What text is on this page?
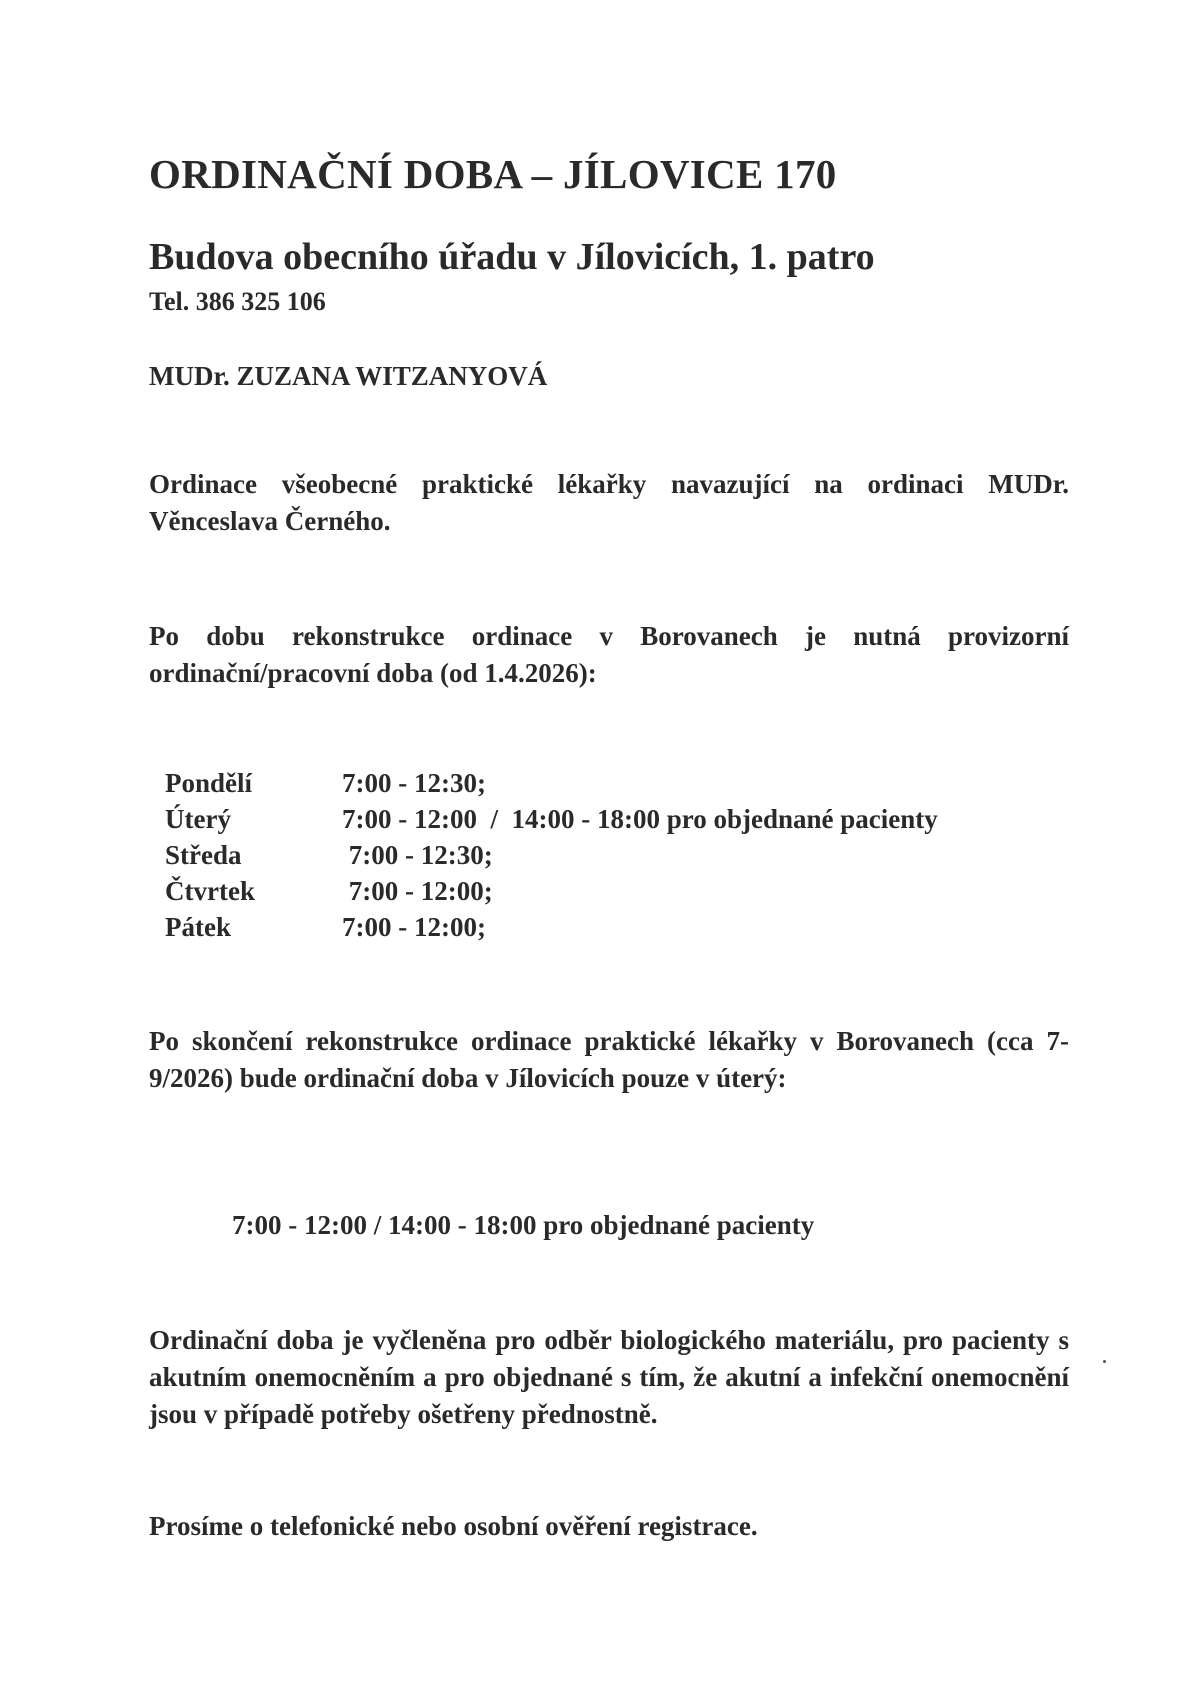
ORDINAČNÍ DOBA – JÍLOVICE 170
Budova obecního úřadu v Jílovicích, 1. patro
Tel. 386 325 106
MUDr. ZUZANA WITZANYOVÁ

Ordinace všeobecné praktické lékařky navazující na ordinaci MUDr. Věnceslava Černého.

Po dobu rekonstrukce ordinace v Borovanech je nutná provizorní ordinační/pracovní doba (od 1.4.2026):

Pondělí	7:00 - 12:30;
Úterý	7:00 - 12:00  /  14:00 - 18:00 pro objednané pacienty
Středa	7:00 - 12:30;
Čtvrtek	7:00 - 12:00;
Pátek	7:00 - 12:00;

Po skončení rekonstrukce ordinace praktické lékařky v Borovanech (cca 7-9/2026) bude ordinační doba v Jílovicích pouze v úterý:

7:00 - 12:00 / 14:00 - 18:00 pro objednané pacienty

Ordinační doba je vyčleněna pro odběr biologického materiálu, pro pacienty s akutním onemocněním a pro objednané s tím, že akutní a infekční onemocnění jsou v případě potřeby ošetřeny přednostně.

Prosíme o telefonické nebo osobní ověření registrace.
